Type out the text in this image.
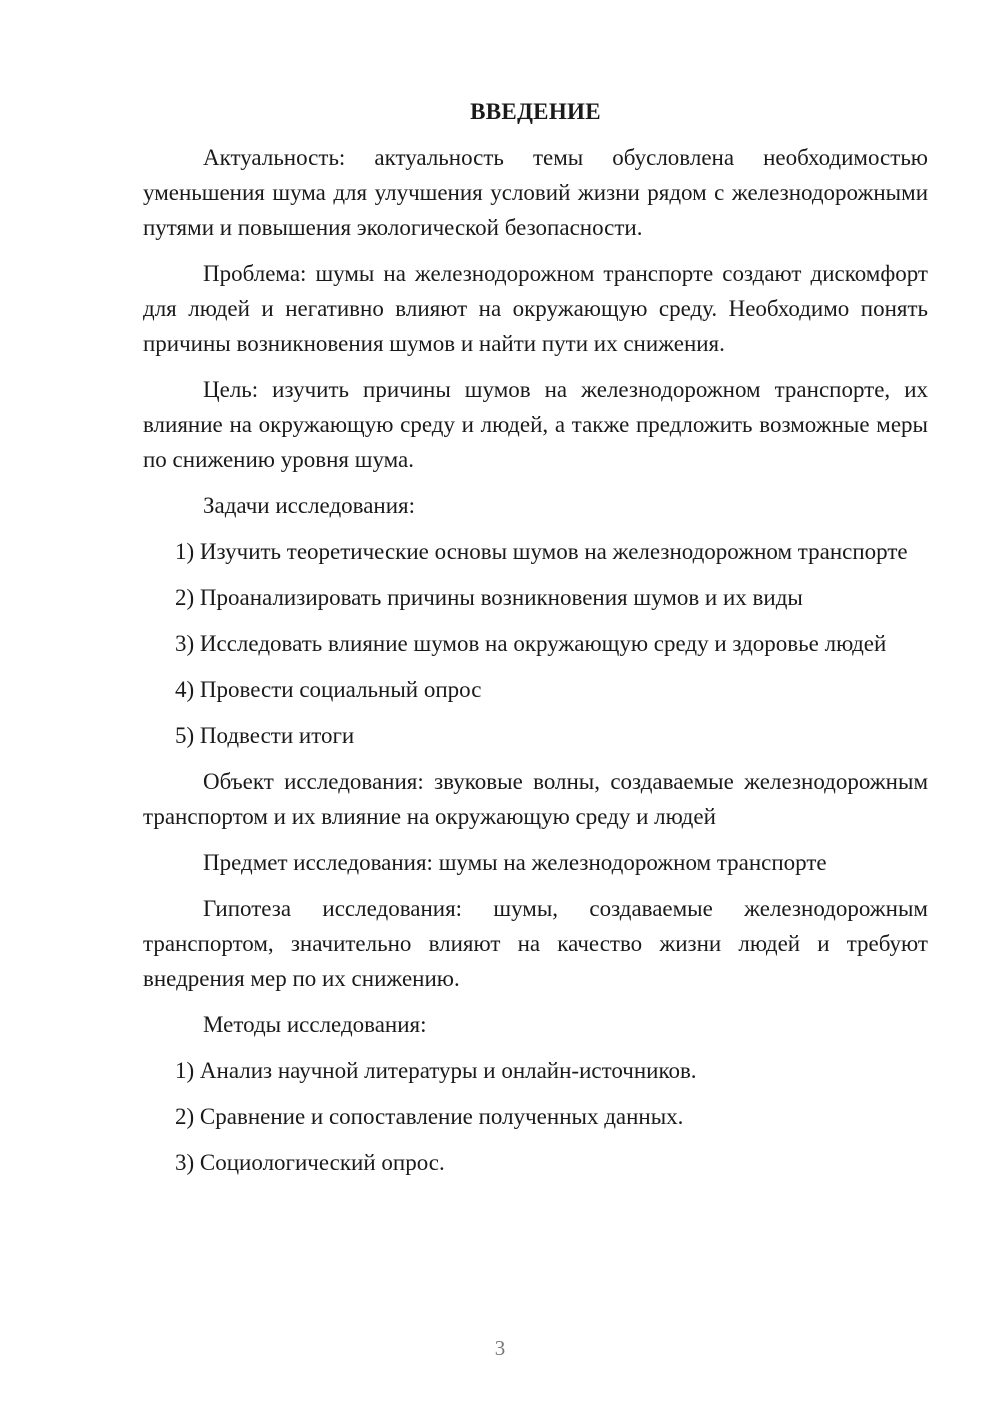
ВВЕДЕНИЕ

Актуальность: актуальность темы обусловлена необходимостью уменьшения шума для улучшения условий жизни рядом с железнодорожными путями и повышения экологической безопасности.

Проблема: шумы на железнодорожном транспорте создают дискомфорт для людей и негативно влияют на окружающую среду. Необходимо понять причины возникновения шумов и найти пути их снижения.

Цель: изучить причины шумов на железнодорожном транспорте, их влияние на окружающую среду и людей, а также предложить возможные меры по снижению уровня шума.

Задачи исследования:

1) Изучить теоретические основы шумов на железнодорожном транспорте

2) Проанализировать причины возникновения шумов и их виды

3) Исследовать влияние шумов на окружающую среду и здоровье людей

4) Провести социальный опрос

5) Подвести итоги

Объект исследования: звуковые волны, создаваемые железнодорожным транспортом и их влияние на окружающую среду и людей

Предмет исследования: шумы на железнодорожном транспорте

Гипотеза исследования: шумы, создаваемые железнодорожным транспортом, значительно влияют на качество жизни людей и требуют внедрения мер по их снижению.

Методы исследования:

1) Анализ научной литературы и онлайн-источников.

2) Сравнение и сопоставление полученных данных.

3) Социологический опрос.

3
